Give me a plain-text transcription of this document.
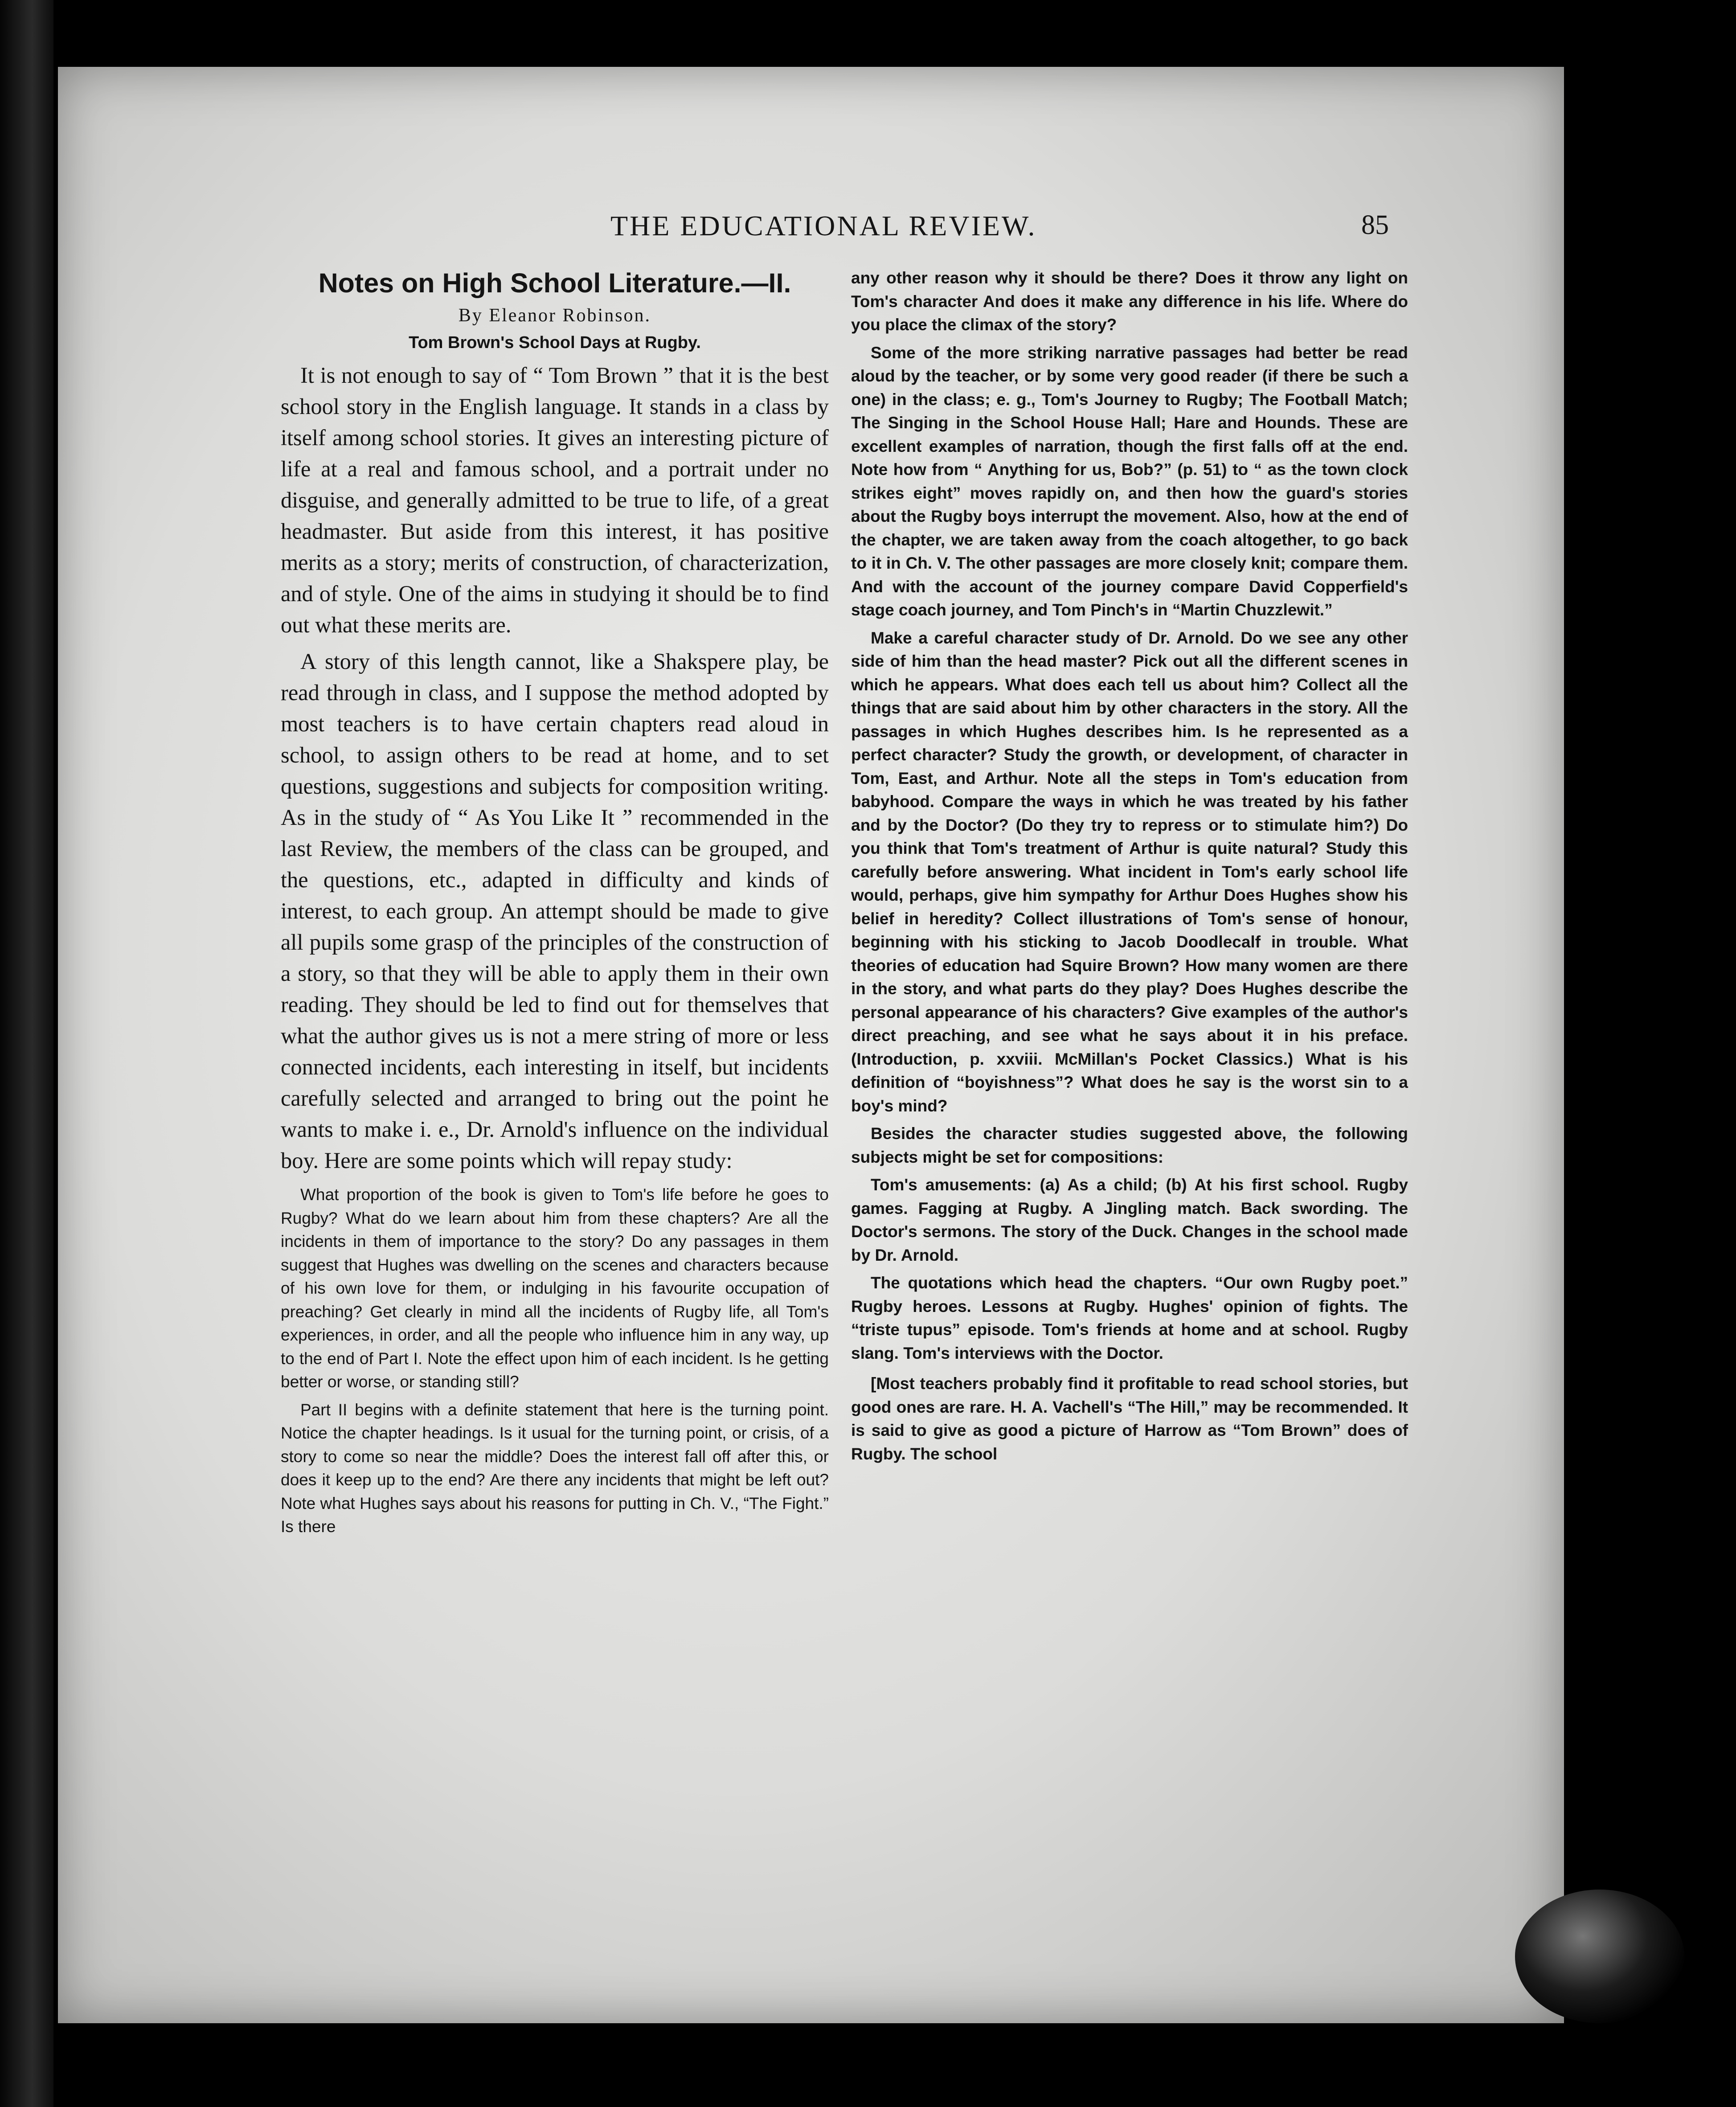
THE EDUCATIONAL REVIEW.	85
Notes on High School Literature.—II.
By Eleanor Robinson.
Tom Brown's School Days at Rugby.

It is not enough to say of “ Tom Brown ” that it is the best school story in the English language. It stands in a class by itself among school stories. It gives an interesting picture of life at a real and famous school, and a portrait under no disguise, and generally admitted to be true to life, of a great headmaster. But aside from this interest, it has positive merits as a story; merits of construction, of characterization, and of style. One of the aims in studying it should be to find out what these merits are.

A story of this length cannot, like a Shakspere play, be read through in class, and I suppose the method adopted by most teachers is to have certain chapters read aloud in school, to assign others to be read at home, and to set questions, suggestions and subjects for composition writing. As in the study of “ As You Like It ” recommended in the last Review, the members of the class can be grouped, and the questions, etc., adapted in difficulty and kinds of interest, to each group. An attempt should be made to give all pupils some grasp of the principles of the construction of a story, so that they will be able to apply them in their own reading. They should be led to find out for themselves that what the author gives us is not a mere string of more or less connected incidents, each interesting in itself, but incidents carefully selected and arranged to bring out the point he wants to make i. e., Dr. Arnold's influence on the individual boy. Here are some points which will repay study:

What proportion of the book is given to Tom's life before he goes to Rugby? What do we learn about him from these chapters? Are all the incidents in them of importance to the story? Do any passages in them suggest that Hughes was dwelling on the scenes and characters because of his own love for them, or indulging in his favourite occupation of preaching? Get clearly in mind all the incidents of Rugby life, all Tom's experiences, in order, and all the people who influence him in any way, up to the end of Part I. Note the effect upon him of each incident. Is he getting better or worse, or standing still?

Part II begins with a definite statement that here is the turning point. Notice the chapter headings. Is it usual for the turning point, or crisis, of a story to come so near the middle? Does the interest fall off after this, or does it keep up to the end? Are there any incidents that might be left out? Note what Hughes says about his reasons for putting in Ch. V., “The Fight.” Is there

any other reason why it should be there? Does it throw any light on Tom's character And does it make any difference in his life. Where do you place the climax of the story?

Some of the more striking narrative passages had better be read aloud by the teacher, or by some very good reader (if there be such a one) in the class; e. g., Tom's Journey to Rugby; The Football Match; The Singing in the School House Hall; Hare and Hounds. These are excellent examples of narration, though the first falls off at the end. Note how from “ Anything for us, Bob?” (p. 51) to “ as the town clock strikes eight” moves rapidly on, and then how the guard's stories about the Rugby boys interrupt the movement. Also, how at the end of the chapter, we are taken away from the coach altogether, to go back to it in Ch. V. The other passages are more closely knit; compare them. And with the account of the journey compare David Copperfield's stage coach journey, and Tom Pinch's in “Martin Chuzzlewit.”

Make a careful character study of Dr. Arnold. Do we see any other side of him than the head master? Pick out all the different scenes in which he appears. What does each tell us about him? Collect all the things that are said about him by other characters in the story. All the passages in which Hughes describes him. Is he represented as a perfect character? Study the growth, or development, of character in Tom, East, and Arthur. Note all the steps in Tom's education from babyhood. Compare the ways in which he was treated by his father and by the Doctor? (Do they try to repress or to stimulate him?) Do you think that Tom's treatment of Arthur is quite natural? Study this carefully before answering. What incident in Tom's early school life would, perhaps, give him sympathy for Arthur Does Hughes show his belief in heredity? Collect illustrations of Tom's sense of honour, beginning with his sticking to Jacob Doodlecalf in trouble. What theories of education had Squire Brown? How many women are there in the story, and what parts do they play? Does Hughes describe the personal appearance of his characters? Give examples of the author's direct preaching, and see what he says about it in his preface. (Introduction, p. xxviii. McMillan's Pocket Classics.) What is his definition of “boyishness”? What does he say is the worst sin to a boy's mind?

Besides the character studies suggested above, the following subjects might be set for compositions:

Tom's amusements: (a) As a child; (b) At his first school. Rugby games. Fagging at Rugby. A Jingling match. Back swording. The Doctor's sermons. The story of the Duck. Changes in the school made by Dr. Arnold.

The quotations which head the chapters. “Our own Rugby poet.” Rugby heroes. Lessons at Rugby. Hughes' opinion of fights. The “triste tupus” episode. Tom's friends at home and at school. Rugby slang. Tom's interviews with the Doctor.

[Most teachers probably find it profitable to read school stories, but good ones are rare. H. A. Vachell's “The Hill,” may be recommended. It is said to give as good a picture of Harrow as “Tom Brown” does of Rugby. The school
